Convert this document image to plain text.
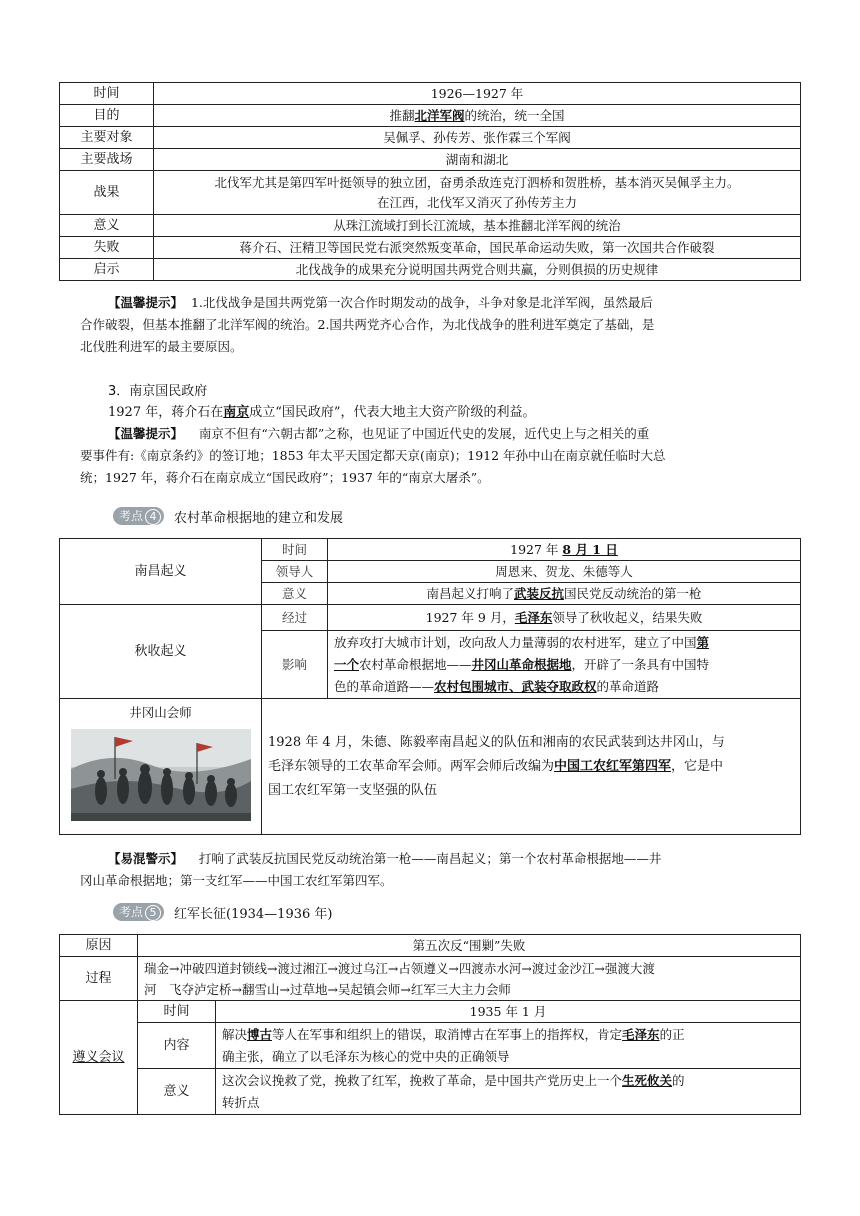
时间	1926—1927 年
目的	推翻北洋军阀的统治，统一全国
主要对象	吴佩孚、孙传芳、张作霖三个军阀
主要战场	湖南和湖北
战果	北伐军尤其是第四军叶挺领导的独立团，奋勇杀敌连克汀泗桥和贺胜桥，基本消灭吴佩孚主力。
在江西，北伐军又消灭了孙传芳主力

意义	从珠江流域打到长江流域，基本推翻北洋军阀的统治
失败	蒋介石、汪精卫等国民党右派突然叛变革命，国民革命运动失败，第一次国共合作破裂
启示	北伐战争的成果充分说明国共两党合则共赢，分则俱损的历史规律
【温馨提示】 1.北伐战争是国共两党第一次合作时期发动的战争，斗争对象是北洋军阀，虽然最后
合作破裂，但基本推翻了北洋军阀的统治。2.国共两党齐心合作，为北伐战争的胜利进军奠定了基础，是
北伐胜利进军的最主要原因。
3．南京国民政府
1927 年，蒋介石在南京成立“国民政府”，代表大地主大资产阶级的利益。
【温馨提示】 南京不但有“六朝古都”之称，也见证了中国近代史的发展，近代史上与之相关的重
要事件有:《南京条约》的签订地；1853 年太平天国定都天京(南京)；1912 年孙中山在南京就任临时大总
统；1927 年，蒋介石在南京成立“国民政府”；1937 年的“南京大屠杀”。
考点 4	农村革命根据地的建立和发展
南昌起义	时间	1927 年 8 月 1 日
	领导人	周恩来、贺龙、朱德等人
	意义	南昌起义打响了武装反抗国民党反动统治的第一枪
秋收起义	经过	1927 年 9 月，毛泽东领导了秋收起义，结果失败
	影响	放弃攻打大城市计划，改向敌人力量薄弱的农村进军，建立了中国第
一个农村革命根据地——井冈山革命根据地，开辟了一条具有中国特
色的革命道路——农村包围城市、武装夺取政权的革命道路

井冈山会师	1928 年 4 月，朱德、陈毅率南昌起义的队伍和湘南的农民武装到达井冈山，与
毛泽东领导的工农革命军会师。两军会师后改编为中国工农红军第四军，它是中
国工农红军第一支坚强的队伍	
【易混警示】 打响了武装反抗国民党反动统治第一枪——南昌起义；第一个农村革命根据地——井
冈山革命根据地；第一支红军——中国工农红军第四军。
考点 5	红军长征(1934—1936 年)
原因	第五次反“围剿”失败	
过程	瑞金→冲破四道封锁线→渡过湘江→渡过乌江→占领遵义→四渡赤水河→渡过金沙江→强渡大渡
河　飞夺泸定桥→翻雪山→过草地→吴起镇会师→红军三大主力会师	

遵义会议	时间	1935 年 1 月
	内容	解决博古等人在军事和组织上的错误，取消博古在军事上的指挥权，肯定毛泽东的正
确主张，确立了以毛泽东为核心的党中央的正确领导

	意义	这次会议挽救了党，挽救了红军，挽救了革命，是中国共产党历史上一个生死攸关的
转折点
